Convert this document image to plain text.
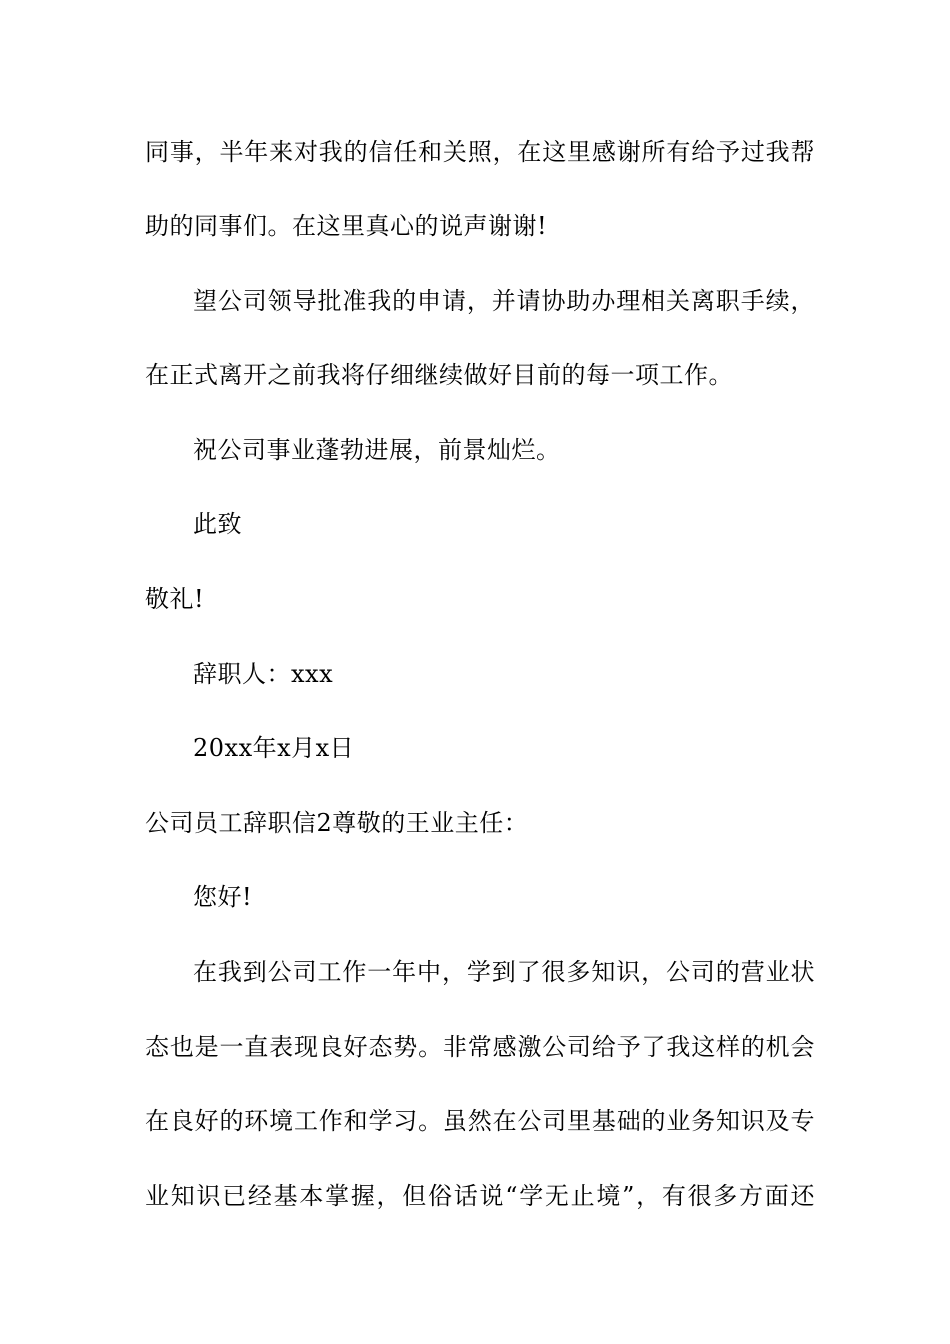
同事，半年来对我的信任和关照，在这里感谢所有给予过我帮
助的同事们。在这里真心的说声谢谢!
望公司领导批准我的申请，并请协助办理相关离职手续，
在正式离开之前我将仔细继续做好目前的每一项工作。
祝公司事业蓬勃进展，前景灿烂。
此致
敬礼!
辞职人：xxx
20xx年x月x日
公司员工辞职信2尊敬的王业主任：
您好!
在我到公司工作一年中，学到了很多知识，公司的营业状
态也是一直表现良好态势。非常感激公司给予了我这样的机会
在良好的环境工作和学习。虽然在公司里基础的业务知识及专
业知识已经基本掌握，但俗话说“学无止境”，有很多方面还
